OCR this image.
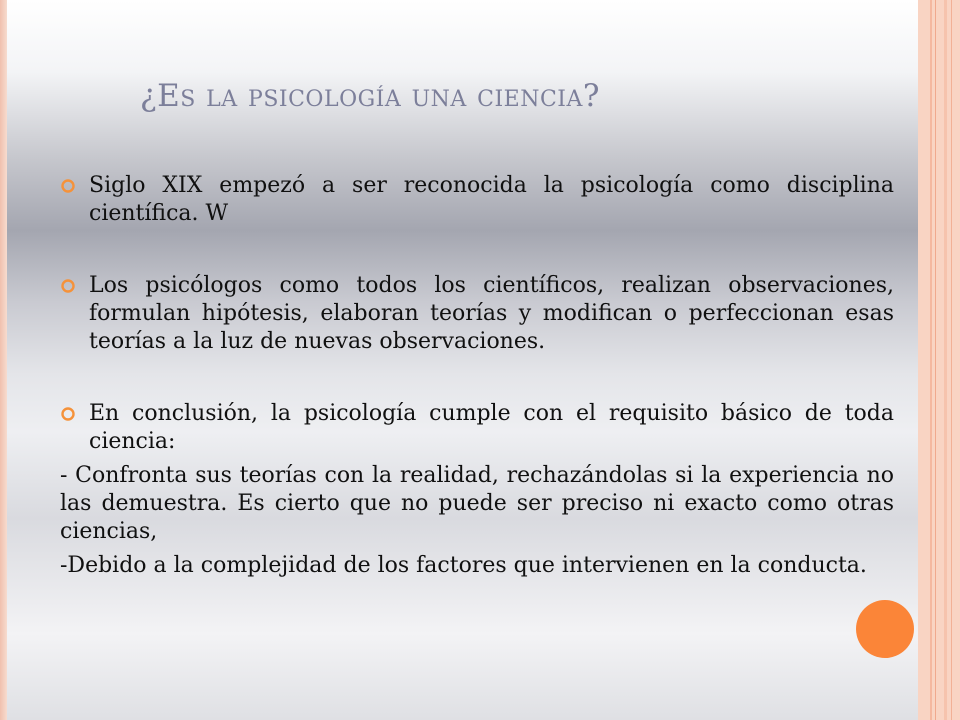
¿Es la psicología una ciencia?
Siglo XIX empezó a ser reconocida la psicología como disciplina científica. W
Los psicólogos como todos los científicos, realizan observaciones, formulan hipótesis, elaboran teorías y modifican o perfeccionan esas teorías a la luz de nuevas observaciones.
En conclusión, la psicología cumple con el requisito básico de toda ciencia:
- Confronta sus teorías con la realidad, rechazándolas si la experiencia no las demuestra. Es cierto que no puede ser preciso ni exacto como otras ciencias,
-Debido a la complejidad de los factores que intervienen en la conducta.
